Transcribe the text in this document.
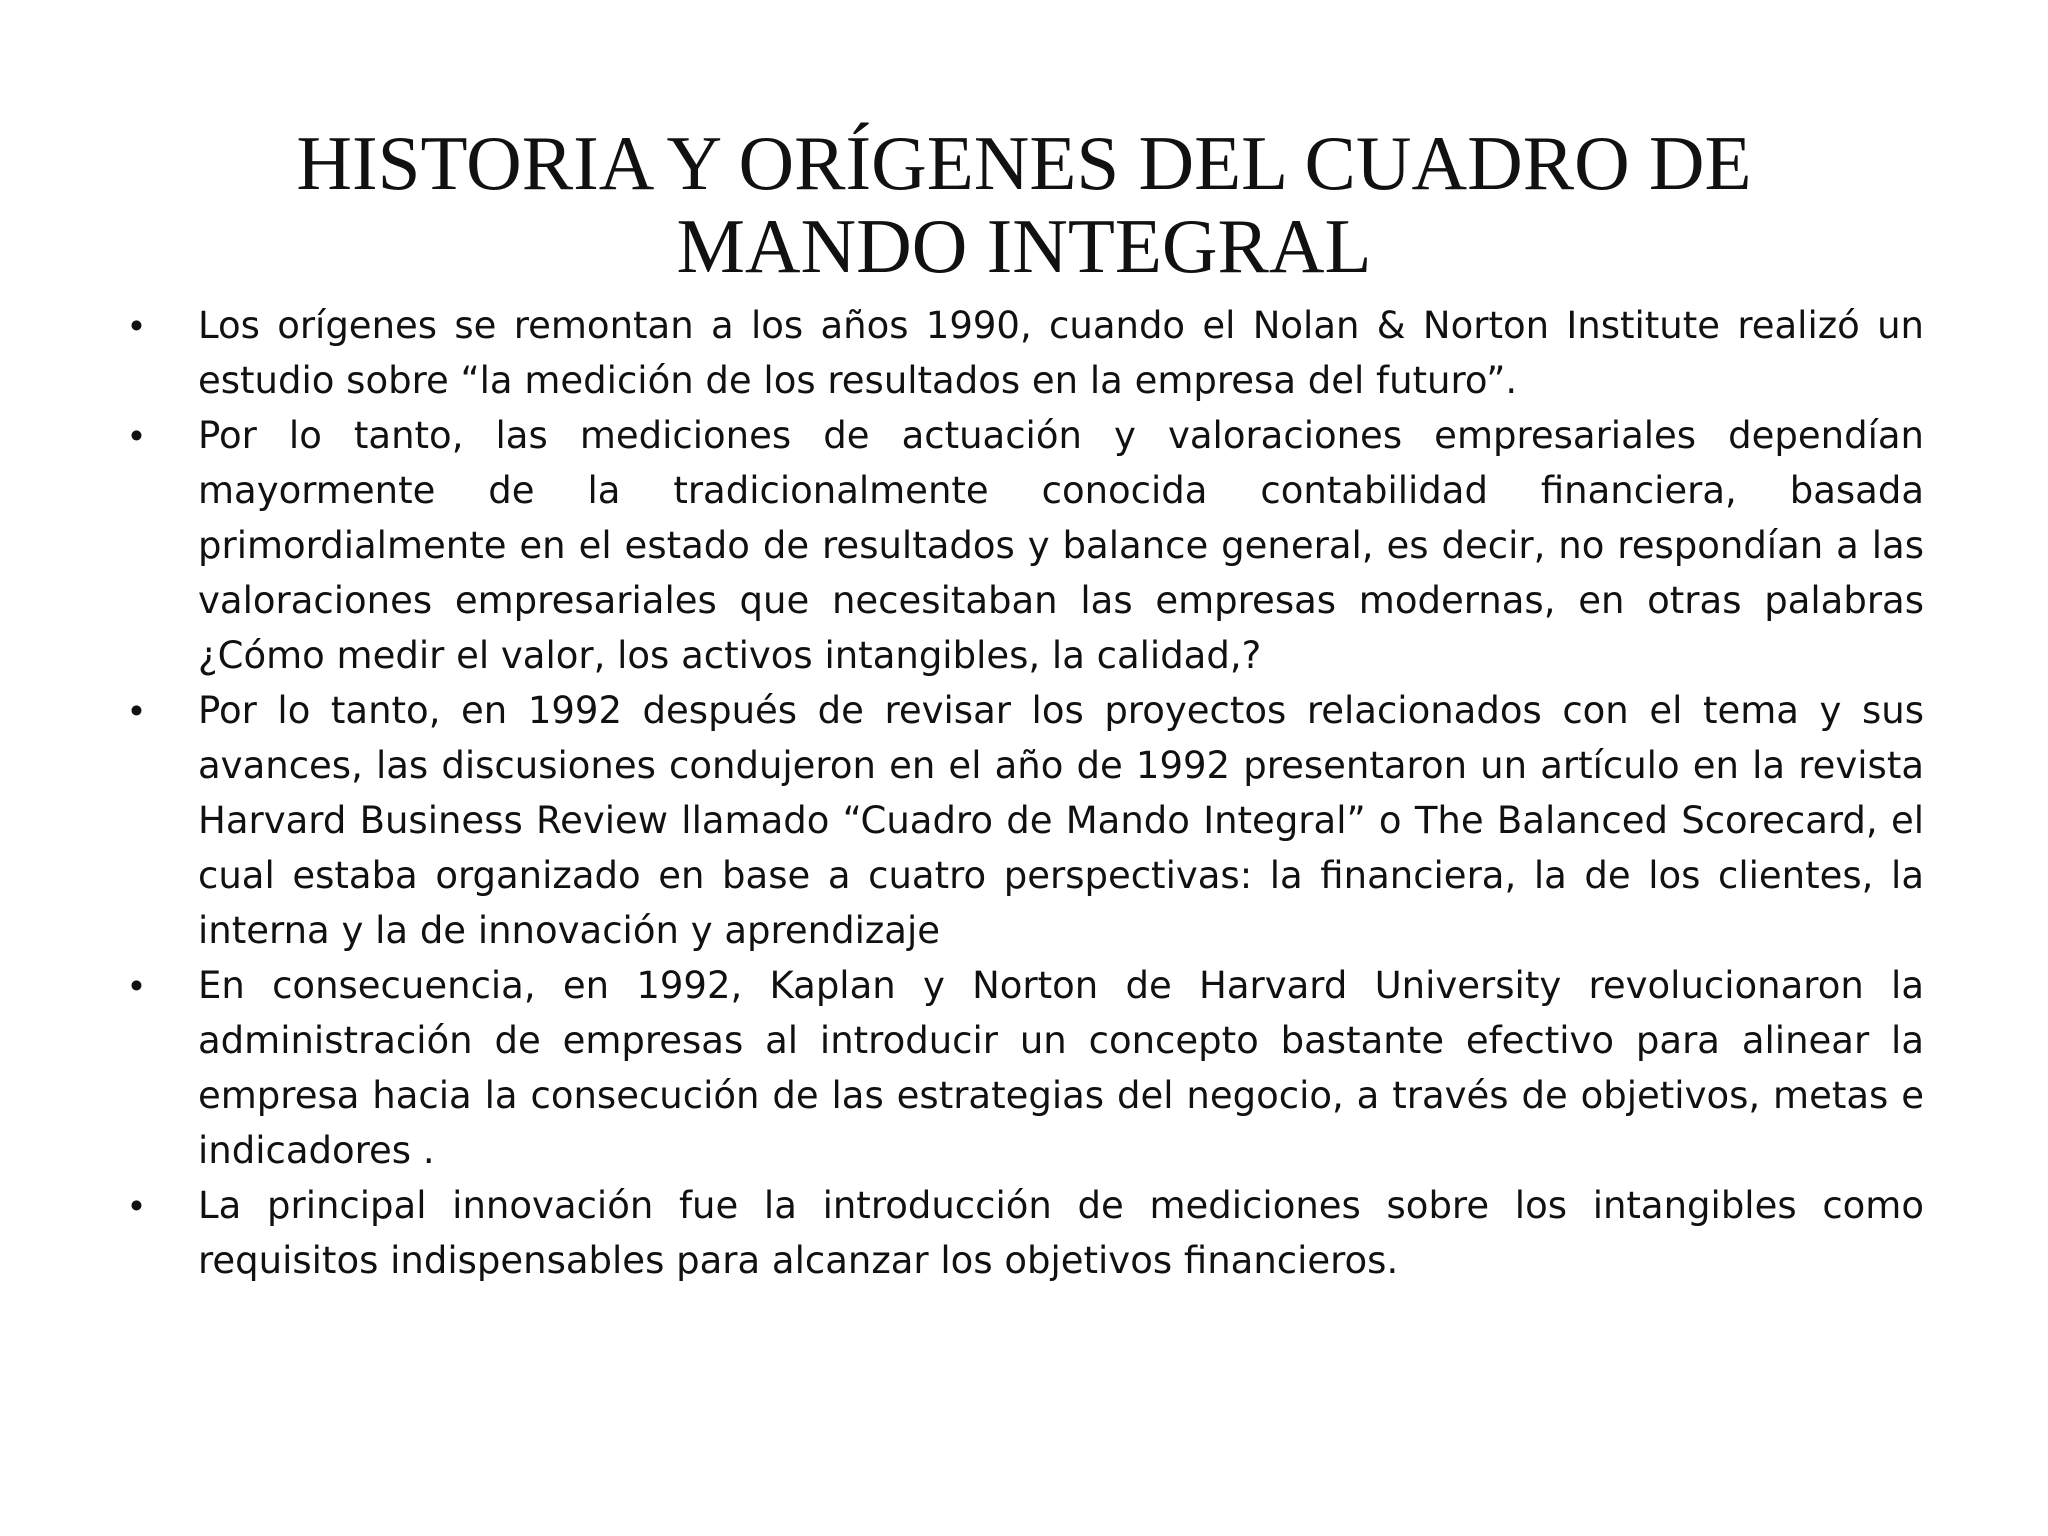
HISTORIA Y ORÍGENES DEL CUADRO DE
MANDO INTEGRAL
•	Los orígenes se remontan a los años 1990, cuando el Nolan & Norton Institute realizó un estudio sobre “la medición de los resultados en la empresa del futuro”.
•	Por lo tanto, las mediciones de actuación y valoraciones empresariales dependían mayormente de la tradicionalmente conocida contabilidad financiera, basada primordialmente en el estado de resultados y balance general, es decir, no respondían a las valoraciones empresariales que necesitaban las empresas modernas, en otras palabras ¿Cómo medir el valor, los activos intangibles, la calidad,?
•	Por lo tanto, en 1992 después de revisar los proyectos relacionados con el tema y sus avances, las discusiones condujeron en el año de 1992 presentaron un artículo en la revista Harvard Business Review llamado “Cuadro de Mando Integral” o The Balanced Scorecard, el cual estaba organizado en base a cuatro perspectivas: la financiera, la de los clientes, la interna y la de innovación y aprendizaje
•	En consecuencia, en 1992, Kaplan y Norton de Harvard University revolucionaron la administración de empresas al introducir un concepto bastante efectivo para alinear la empresa hacia la consecución de las estrategias del negocio, a través de objetivos, metas e indicadores .
•	La principal innovación fue la introducción de mediciones sobre los intangibles como requisitos indispensables para alcanzar los objetivos financieros.
